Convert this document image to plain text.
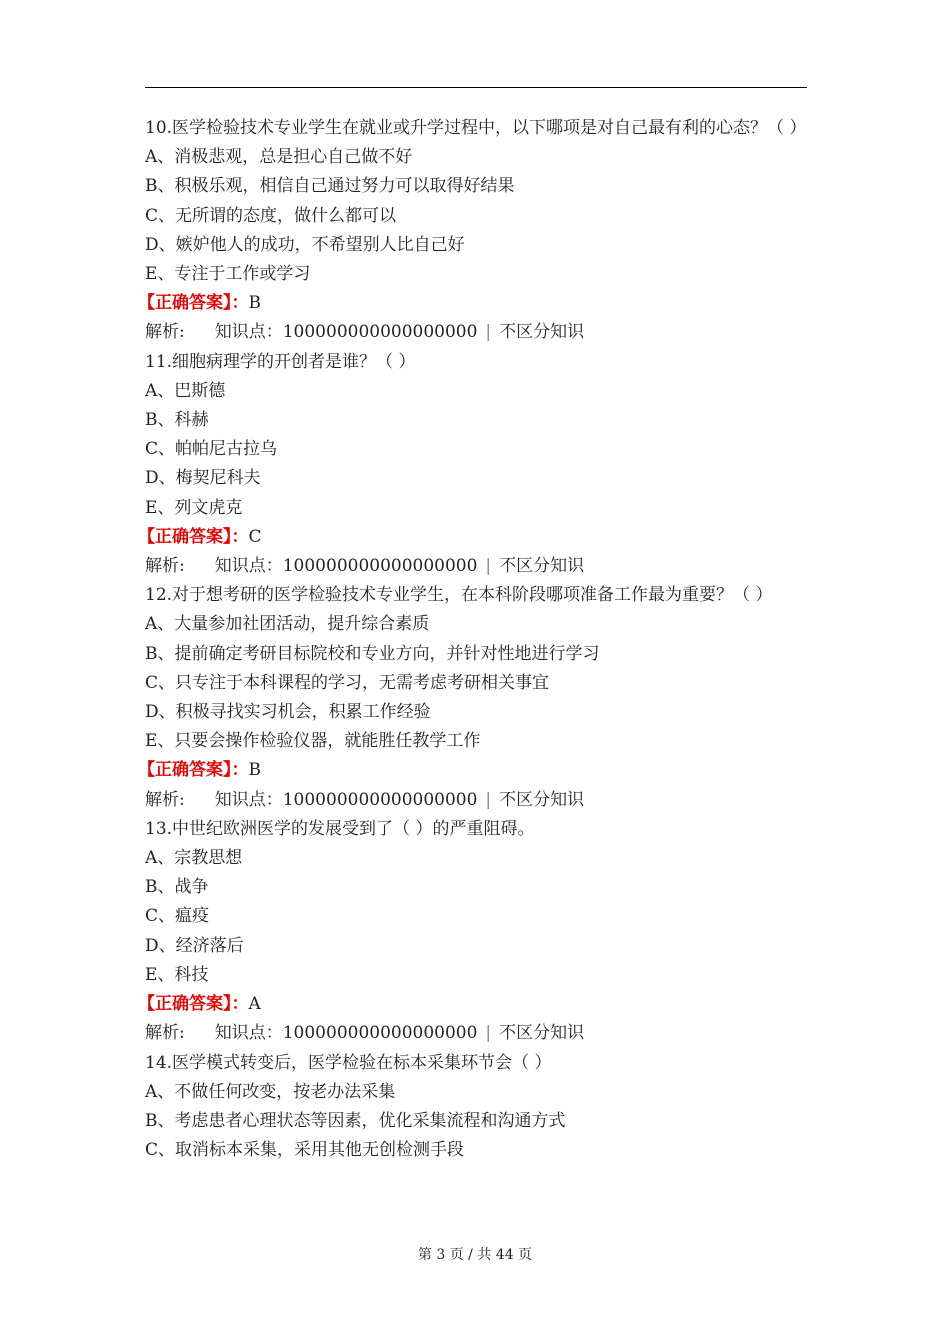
10.医学检验技术专业学生在就业或升学过程中，以下哪项是对自己最有利的心态？（ ）
A、消极悲观，总是担心自己做不好
B、积极乐观，相信自己通过努力可以取得好结果
C、无所谓的态度，做什么都可以
D、嫉妒他人的成功，不希望别人比自己好
E、专注于工作或学习
【正确答案】：B
解析: 知识点：100000000000000000 | 不区分知识
11.细胞病理学的开创者是谁？（ ）
A、巴斯德
B、科赫
C、帕帕尼古拉乌
D、梅契尼科夫
E、列文虎克
【正确答案】：C
解析: 知识点：100000000000000000 | 不区分知识
12.对于想考研的医学检验技术专业学生，在本科阶段哪项准备工作最为重要？（ ）
A、大量参加社团活动，提升综合素质
B、提前确定考研目标院校和专业方向，并针对性地进行学习
C、只专注于本科课程的学习，无需考虑考研相关事宜
D、积极寻找实习机会，积累工作经验
E、只要会操作检验仪器，就能胜任教学工作
【正确答案】：B
解析: 知识点：100000000000000000 | 不区分知识
13.中世纪欧洲医学的发展受到了（ ）的严重阻碍。
A、宗教思想
B、战争
C、瘟疫
D、经济落后
E、科技
【正确答案】：A
解析: 知识点：100000000000000000 | 不区分知识
14.医学模式转变后，医学检验在标本采集环节会（ ）
A、不做任何改变，按老办法采集
B、考虑患者心理状态等因素，优化采集流程和沟通方式
C、取消标本采集，采用其他无创检测手段
第 3 页 / 共 44 页
